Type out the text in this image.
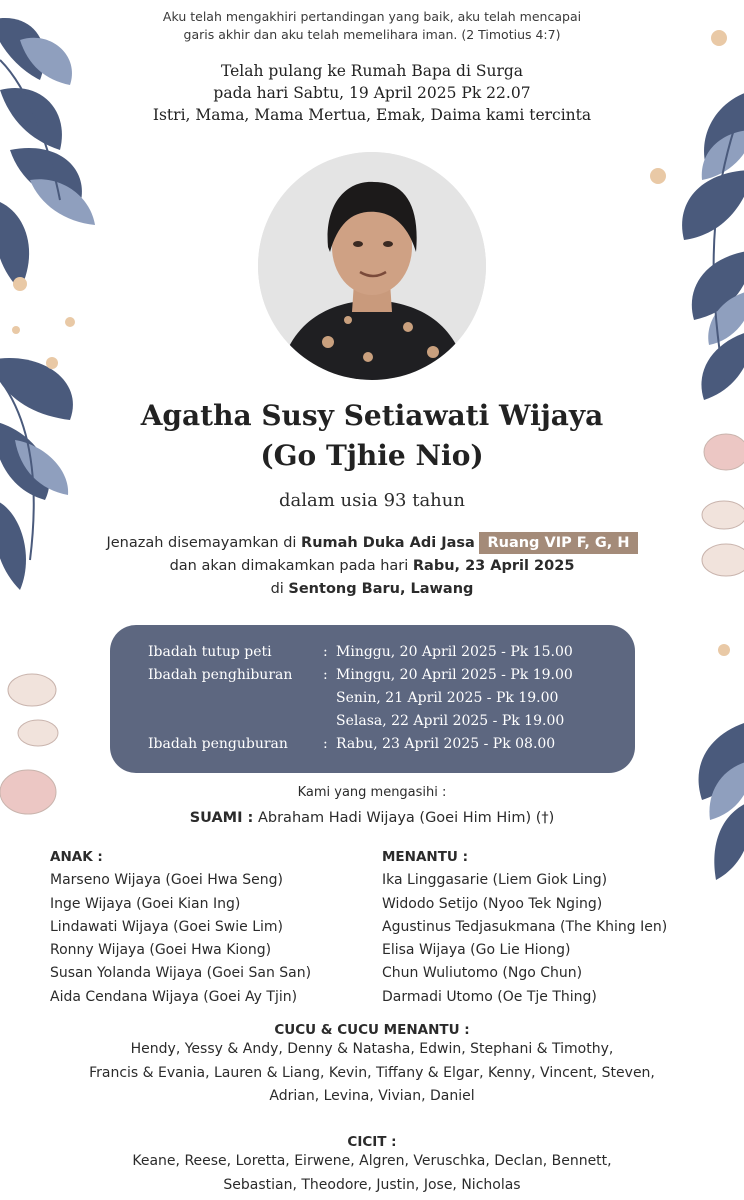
Aku telah mengakhiri pertandingan yang baik, aku telah mencapai
garis akhir dan aku telah memelihara iman. (2 Timotius 4:7)
Telah pulang ke Rumah Bapa di Surga
pada hari Sabtu, 19 April 2025 Pk 22.07
Istri, Mama, Mama Mertua, Emak, Daima kami tercinta
Agatha Susy Setiawati Wijaya
(Go Tjhie Nio)
dalam usia 93 tahun
Jenazah disemayamkan di Rumah Duka Adi Jasa Ruang VIP F, G, H
dan akan dimakamkan pada hari Rabu, 23 April 2025
di Sentong Baru, Lawang
Ibadah tutup peti	: Minggu, 20 April 2025 - Pk 15.00
Ibadah penghiburan : Minggu, 20 April 2025 - Pk 19.00
Senin, 21 April 2025 - Pk 19.00
Selasa, 22 April 2025 - Pk 19.00
Ibadah penguburan	: Rabu, 23 April 2025 - Pk 08.00
Kami yang mengasihi :
SUAMI : Abraham Hadi Wijaya (Goei Him Him) (†)
ANAK :
Marseno Wijaya (Goei Hwa Seng)
Inge Wijaya (Goei Kian Ing)
Lindawati Wijaya (Goei Swie Lim)
Ronny Wijaya (Goei Hwa Kiong)
Susan Yolanda Wijaya (Goei San San)
Aida Cendana Wijaya (Goei Ay Tjin)
MENANTU :
Ika Linggasarie (Liem Giok Ling)
Widodo Setijo (Nyoo Tek Nging)
Agustinus Tedjasukmana (The Khing Ien)
Elisa Wijaya (Go Lie Hiong)
Chun Wuliutomo (Ngo Chun)
Darmadi Utomo (Oe Tje Thing)
CUCU & CUCU MENANTU :
Hendy, Yessy & Andy, Denny & Natasha, Edwin, Stephani & Timothy,
Francis & Evania, Lauren & Liang, Kevin, Tiffany & Elgar, Kenny, Vincent, Steven,
Adrian, Levina, Vivian, Daniel
CICIT :
Keane, Reese, Loretta, Eirwene, Algren, Veruschka, Declan, Bennett,
Sebastian, Theodore, Justin, Jose, Nicholas
